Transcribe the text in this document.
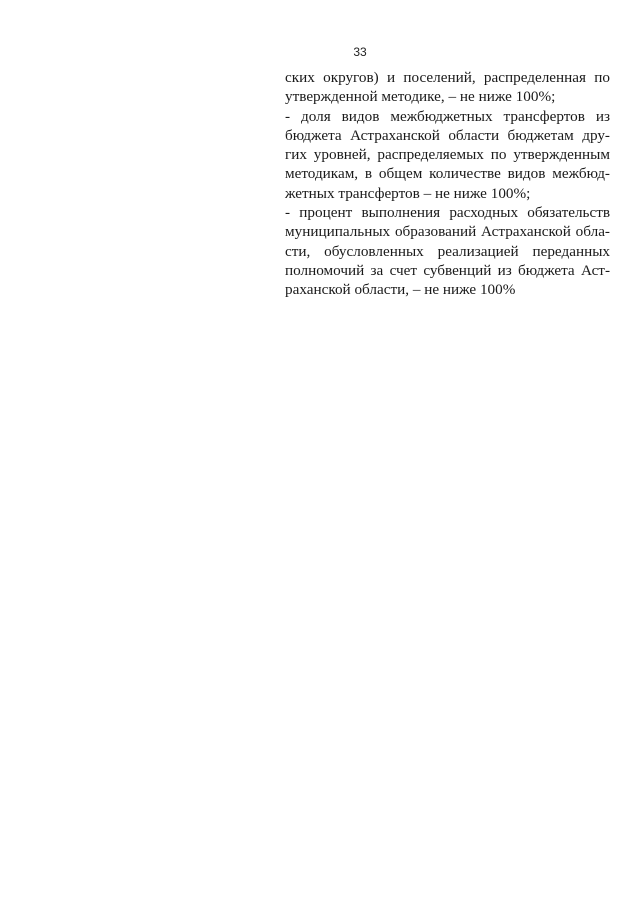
33
ских округов) и поселений, распределенная по
утвержденной методике, – не ниже 100%;
- доля видов межбюджетных трансфертов из
бюджета Астраханской области бюджетам дру-
гих уровней, распределяемых по утвержденным
методикам, в общем количестве видов межбюд-
жетных трансфертов – не ниже 100%;
- процент выполнения расходных обязательств
муниципальных образований Астраханской обла-
сти, обусловленных реализацией переданных
полномочий за счет субвенций из бюджета Аст-
раханской области, – не ниже 100%
